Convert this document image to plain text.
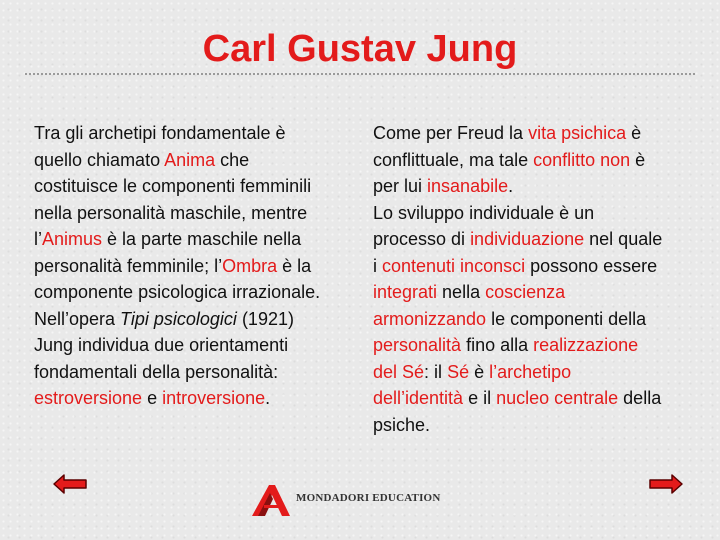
Carl Gustav Jung
Tra gli archetipi fondamentale è
quello chiamato Anima che
costituisce le componenti femminili
nella personalità maschile, mentre
l’Animus è la parte maschile nella
personalità femminile; l’Ombra è la
componente psicologica irrazionale.
Nell’opera Tipi psicologici (1921)
Jung individua due orientamenti
fondamentali della personalità:
estroversione e introversione.
Come per Freud la vita psichica è
conflittuale, ma tale conflitto non è
per lui insanabile.
Lo sviluppo individuale è un
processo di individuazione nel quale
i contenuti inconsci possono essere
integrati nella coscienza
armonizzando le componenti della
personalità fino alla realizzazione
del Sé: il Sé è l’archetipo
dell’identità e il nucleo centrale della
psiche.
MONDADORI EDUCATION
